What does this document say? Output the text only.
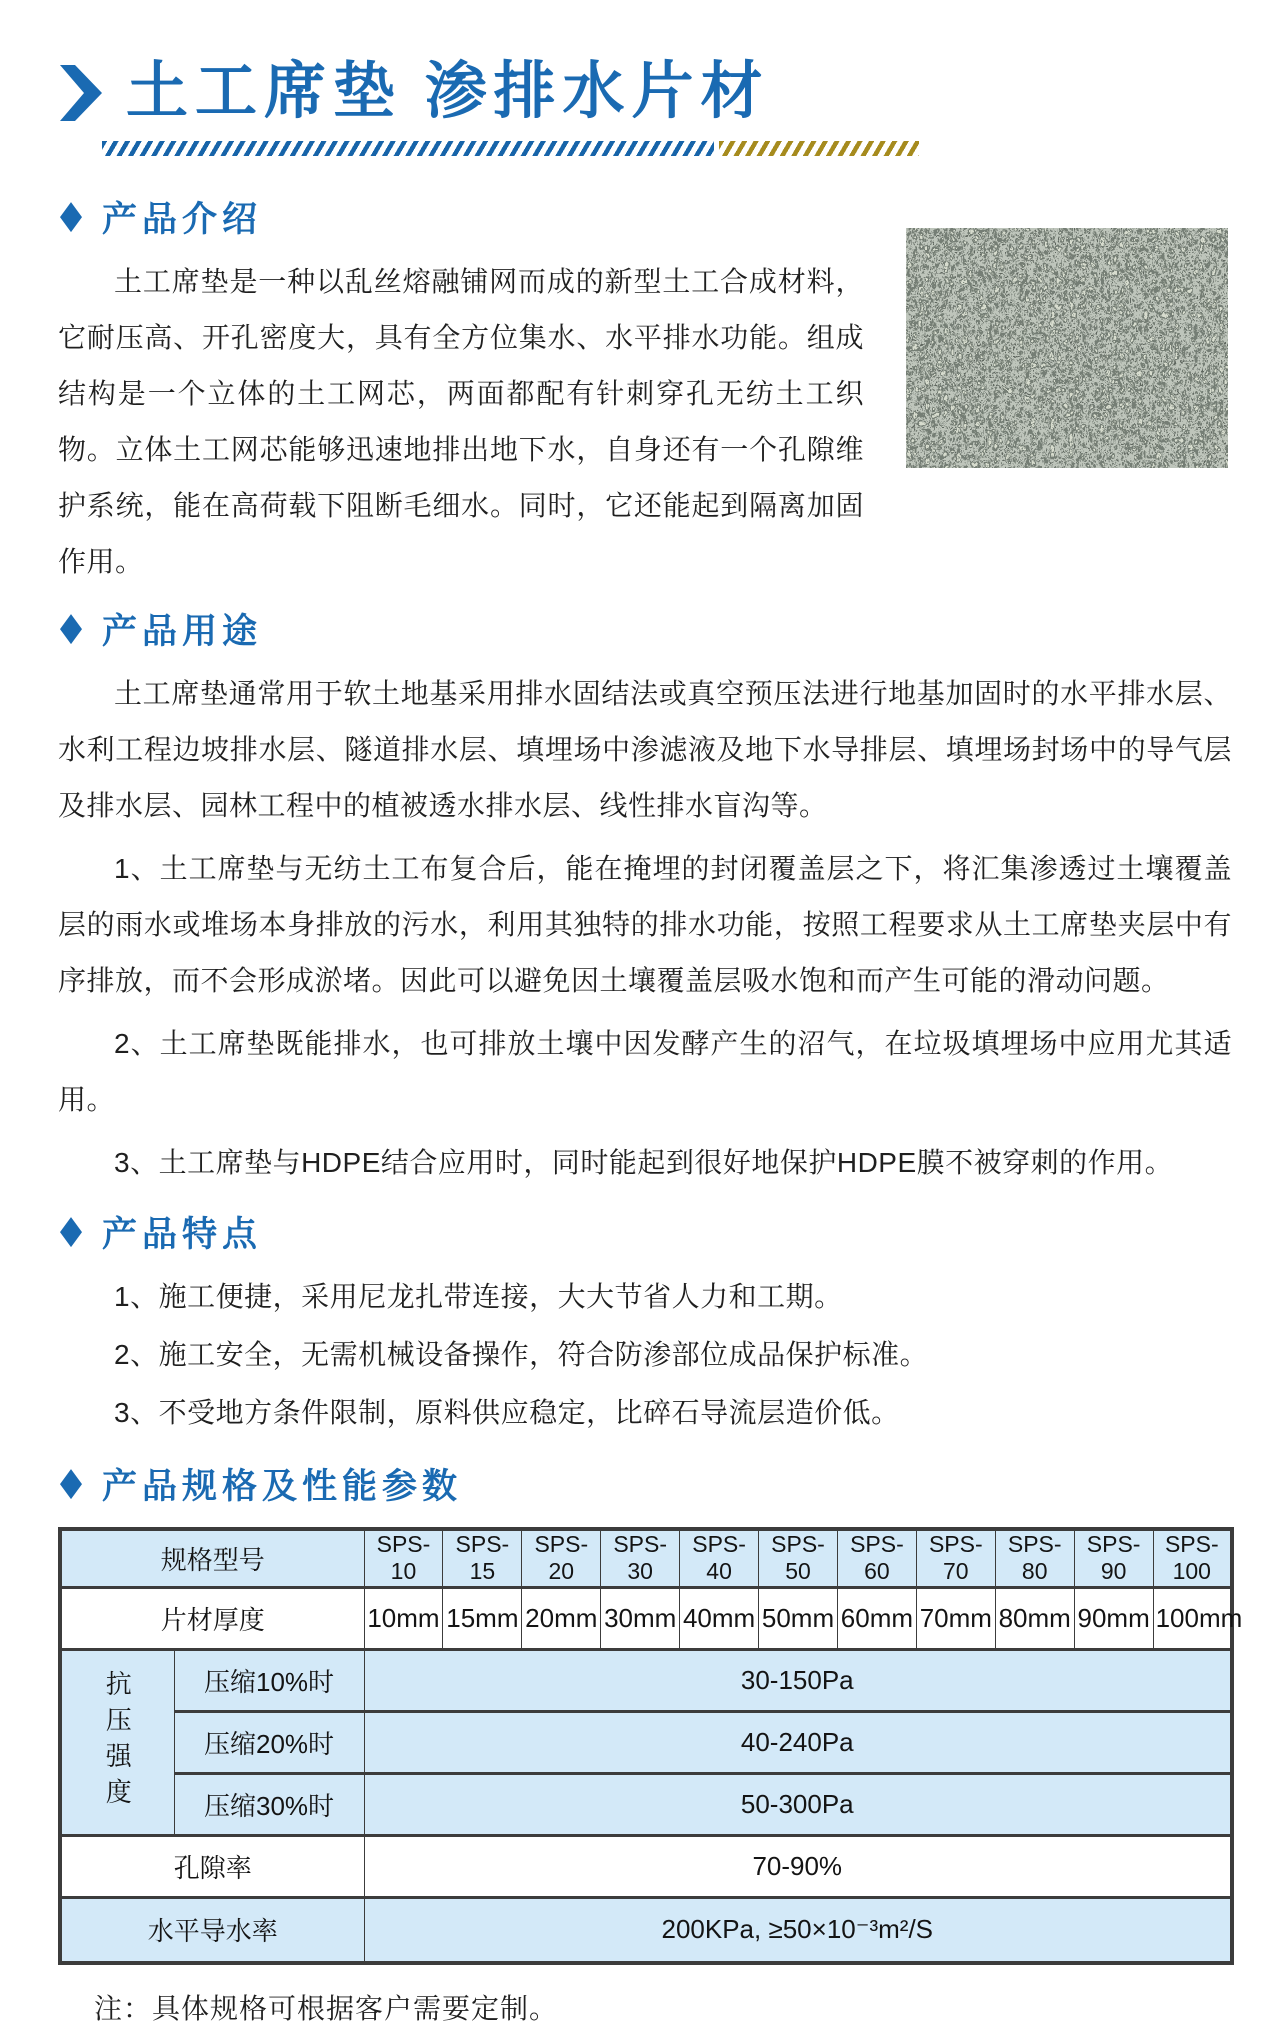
土工席垫 渗排水片材
产品介绍

土工席垫是一种以乱丝熔融铺网而成的新型土工合成材料，它耐压高、开孔密度大，具有全方位集水、水平排水功能。组成结构是一个立体的土工网芯，两面都配有针刺穿孔无纺土工织物。立体土工网芯能够迅速地排出地下水，自身还有一个孔隙维护系统，能在高荷载下阻断毛细水。同时，它还能起到隔离加固作用。

产品用途

土工席垫通常用于软土地基采用排水固结法或真空预压法进行地基加固时的水平排水层、水利工程边坡排水层、隧道排水层、填埋场中渗滤液及地下水导排层、填埋场封场中的导气层及排水层、园林工程中的植被透水排水层、线性排水盲沟等。

1、土工席垫与无纺土工布复合后，能在掩埋的封闭覆盖层之下，将汇集渗透过土壤覆盖层的雨水或堆场本身排放的污水，利用其独特的排水功能，按照工程要求从土工席垫夹层中有序排放，而不会形成淤堵。因此可以避免因土壤覆盖层吸水饱和而产生可能的滑动问题。

2、土工席垫既能排水，也可排放土壤中因发酵产生的沼气，在垃圾填埋场中应用尤其适用。

3、土工席垫与HDPE结合应用时，同时能起到很好地保护HDPE膜不被穿刺的作用。

产品特点

1、施工便捷，采用尼龙扎带连接，大大节省人力和工期。

2、施工安全，无需机械设备操作，符合防渗部位成品保护标准。

3、不受地方条件限制，原料供应稳定，比碎石导流层造价低。

产品规格及性能参数
规格型号		SPS-10	SPS-15	SPS-20	SPS-30	SPS-40	SPS-50	SPS-60	SPS-70	SPS-80	SPS-90	SPS-100
片材厚度		10mm	15mm	20mm	30mm	40mm	50mm	60mm	70mm	80mm	90mm	100mm
抗压强度	压缩10%时	30-150Pa										
	压缩20%时	40-240Pa										
	压缩30%时	50-300Pa										
孔隙率		70-90%										
水平导水率		200KPa, ≥50×10⁻³m²/S										

注：具体规格可根据客户需要定制。
